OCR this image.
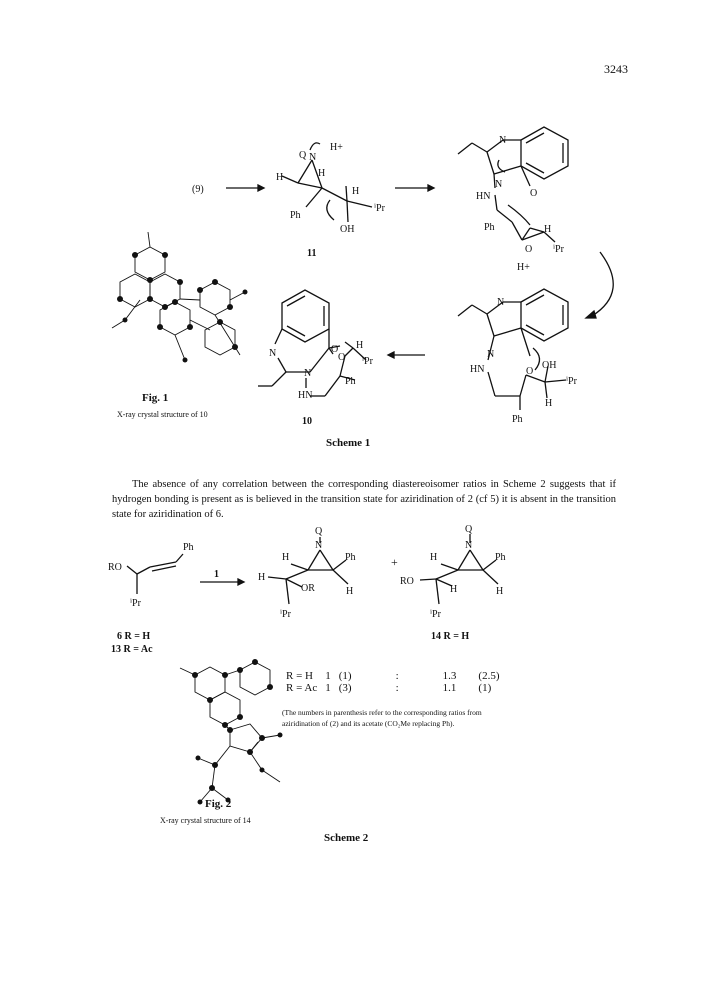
3243
(9)
Q N
H+
H
H
H
Ph
ⁱPr
OH
11
N
N
O
HN
Ph
O
H
ⁱPr
H+
N
N
HN	O
OH
ⁱPr
H
Ph
N
N
HN
O
O
H
ⁱPr
Ph
10
Fig. 1
X-ray crystal structure of 10
Scheme 1
The absence of any correlation between the corresponding diastereoisomer ratios in Scheme 2 suggests that if hydrogen bonding is present as is believed in the transition state for aziridination of 2 (cf 5) it is absent in the transition state for aziridination of 6.
RO
Ph
ⁱPr
1
Q
N
H	Ph
H
OR	H
ⁱPr
+
Q
N
H	Ph
RO
H	H
ⁱPr
6 R = H
13 R = Ac
14 R = H
R = H	1	(1)	:	1.3	(2.5)
R = Ac	1	(3)	:	1.1	(1)
(The numbers in parenthesis refer to the corresponding ratios from aziridination of (2) and its acetate (CO₂Me replacing Ph).
Fig. 2
X-ray crystal structure of 14
Scheme 2
